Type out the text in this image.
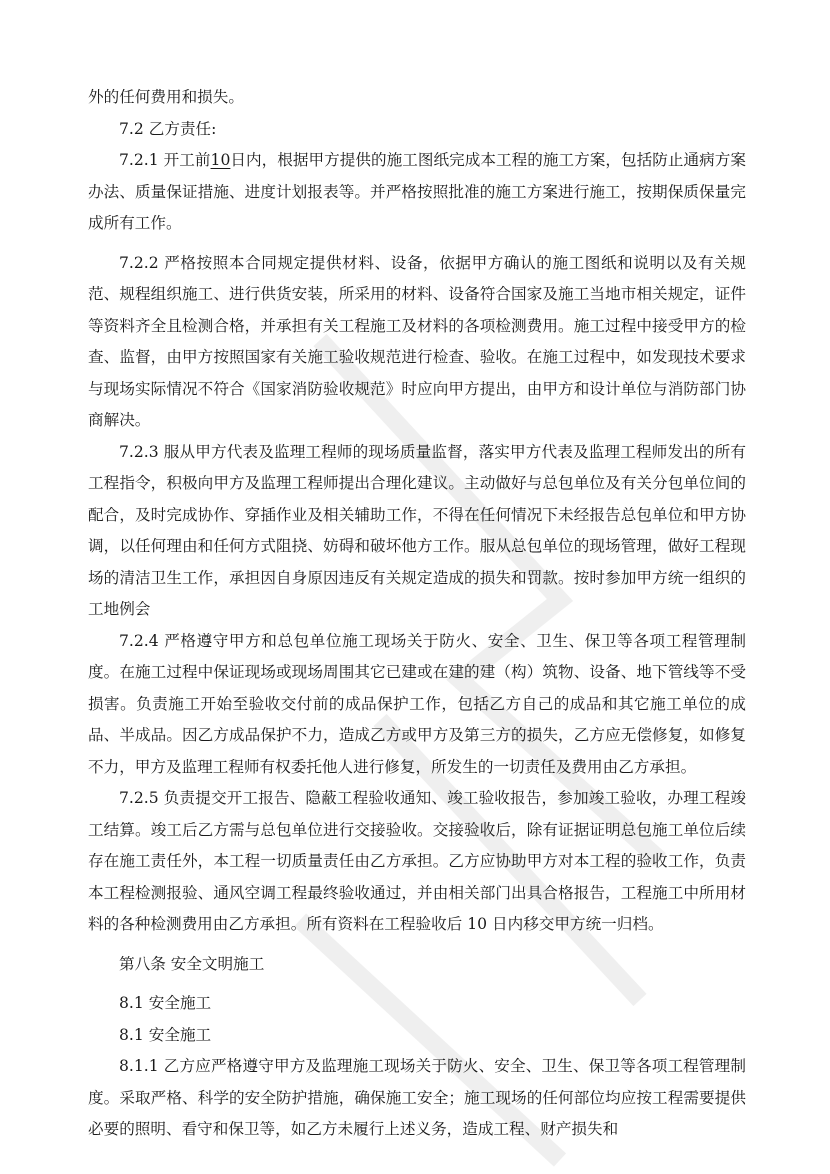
外的任何费用和损失。

7.2 乙方责任:

7.2.1 开工前10日内，根据甲方提供的施工图纸完成本工程的施工方案，包括防止通病方案办法、质量保证措施、进度计划报表等。并严格按照批准的施工方案进行施工，按期保质保量完成所有工作。

7.2.2 严格按照本合同规定提供材料、设备，依据甲方确认的施工图纸和说明以及有关规范、规程组织施工、进行供货安装，所采用的材料、设备符合国家及施工当地市相关规定，证件等资料齐全且检测合格，并承担有关工程施工及材料的各项检测费用。施工过程中接受甲方的检查、监督，由甲方按照国家有关施工验收规范进行检查、验收。在施工过程中，如发现技术要求与现场实际情况不符合《国家消防验收规范》时应向甲方提出，由甲方和设计单位与消防部门协商解决。

7.2.3 服从甲方代表及监理工程师的现场质量监督，落实甲方代表及监理工程师发出的所有工程指令，积极向甲方及监理工程师提出合理化建议。主动做好与总包单位及有关分包单位间的配合，及时完成协作、穿插作业及相关辅助工作，不得在任何情况下未经报告总包单位和甲方协调，以任何理由和任何方式阻挠、妨碍和破坏他方工作。服从总包单位的现场管理，做好工程现场的清洁卫生工作，承担因自身原因违反有关规定造成的损失和罚款。按时参加甲方统一组织的工地例会

7.2.4 严格遵守甲方和总包单位施工现场关于防火、安全、卫生、保卫等各项工程管理制度。在施工过程中保证现场或现场周围其它已建或在建的建（构）筑物、设备、地下管线等不受损害。负责施工开始至验收交付前的成品保护工作，包括乙方自己的成品和其它施工单位的成品、半成品。因乙方成品保护不力，造成乙方或甲方及第三方的损失，乙方应无偿修复，如修复不力，甲方及监理工程师有权委托他人进行修复，所发生的一切责任及费用由乙方承担。

7.2.5 负责提交开工报告、隐蔽工程验收通知、竣工验收报告，参加竣工验收，办理工程竣工结算。竣工后乙方需与总包单位进行交接验收。交接验收后，除有证据证明总包施工单位后续存在施工责任外，本工程一切质量责任由乙方承担。乙方应协助甲方对本工程的验收工作，负责本工程检测报验、通风空调工程最终验收通过，并由相关部门出具合格报告，工程施工中所用材料的各种检测费用由乙方承担。所有资料在工程验收后 10 日内移交甲方统一归档。

第八条 安全文明施工

8.1 安全施工

8.1 安全施工

8.1.1 乙方应严格遵守甲方及监理施工现场关于防火、安全、卫生、保卫等各项工程管理制度。采取严格、科学的安全防护措施，确保施工安全；施工现场的任何部位均应按工程需要提供必要的照明、看守和保卫等，如乙方未履行上述义务，造成工程、财产损失和
